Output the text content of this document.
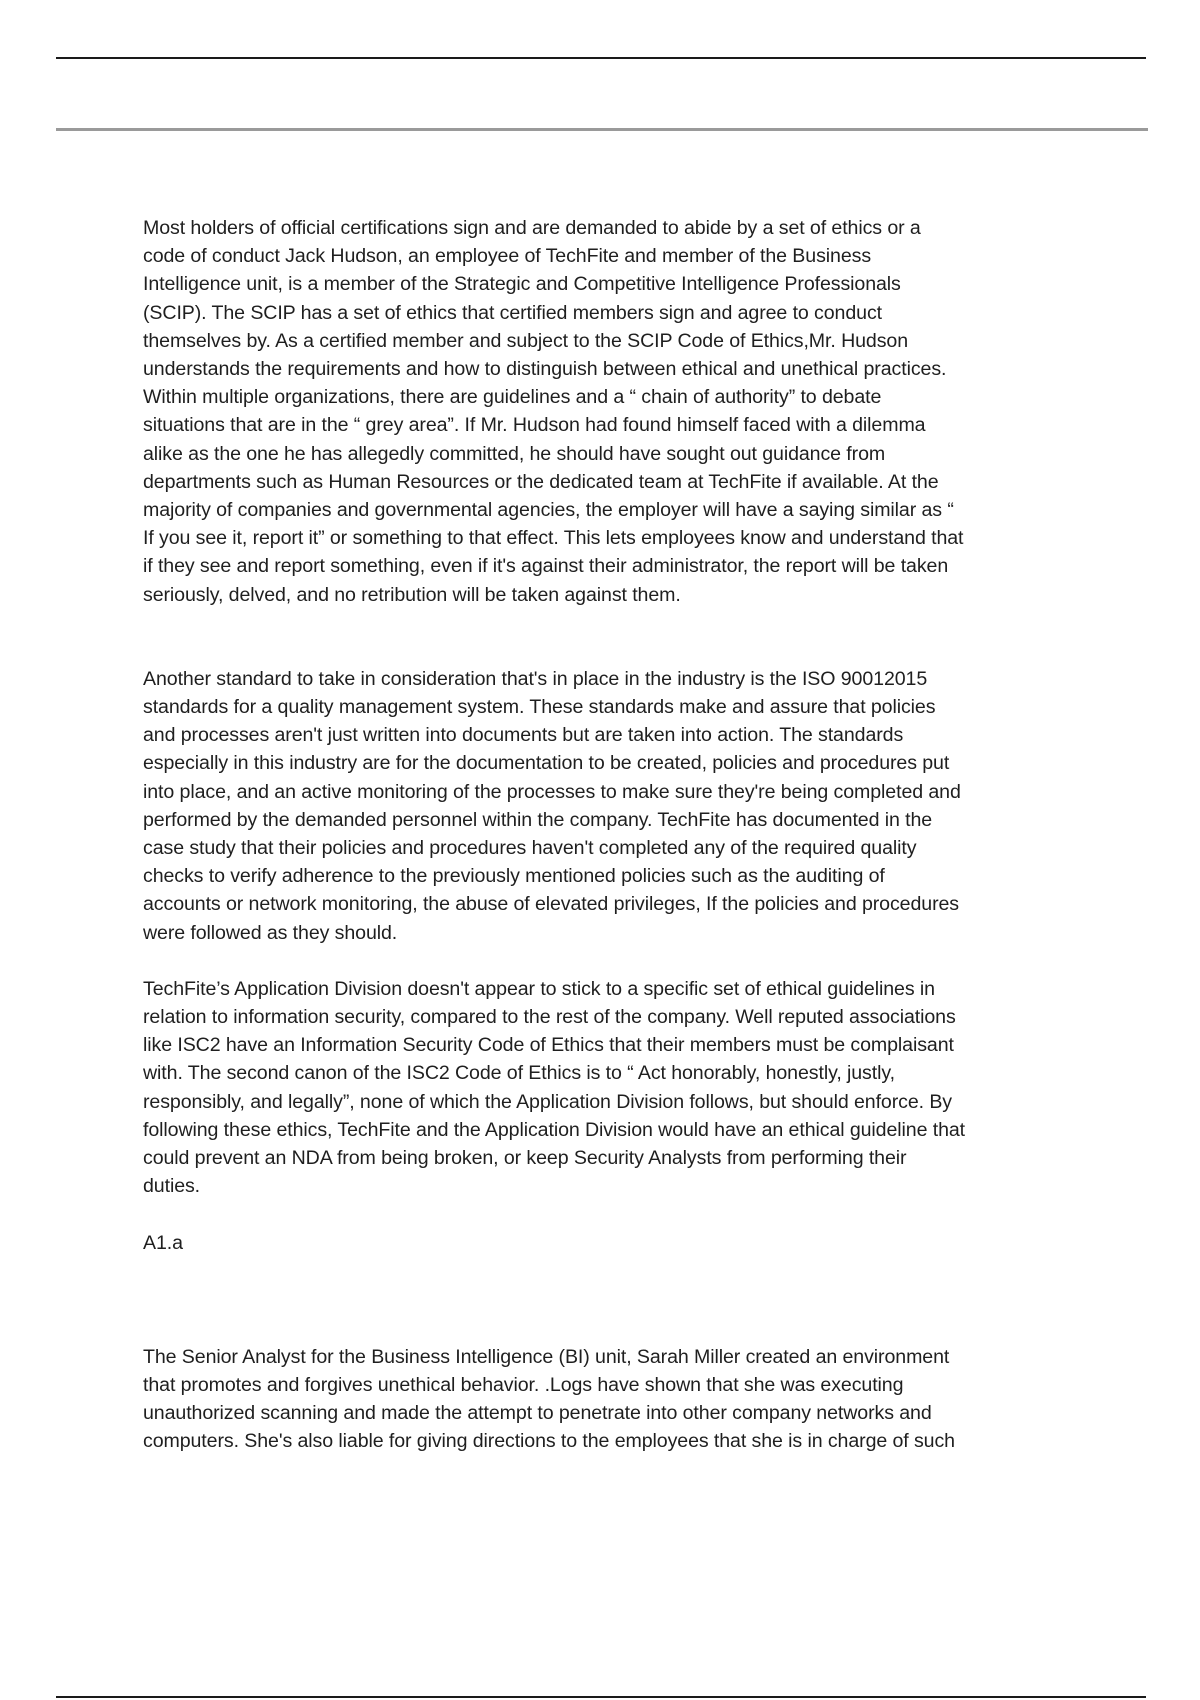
Most holders of official certifications sign and are demanded to abide by a set of ethics or a
code of conduct Jack Hudson, an employee of TechFite and member of the Business
Intelligence unit, is a member of the Strategic and Competitive Intelligence Professionals
(SCIP). The SCIP has a set of ethics that certified members sign and agree to conduct
themselves by. As a certified member and subject to the SCIP Code of Ethics,Mr. Hudson
understands the requirements and how to distinguish between ethical and unethical practices.
Within multiple organizations, there are guidelines and a “ chain of authority” to debate
situations that are in the “ grey area”. If Mr. Hudson had found himself faced with a dilemma
alike as the one he has allegedly committed, he should have sought out guidance from
departments such as Human Resources or the dedicated team at TechFite if available. At the
majority of companies and governmental agencies, the employer will have a saying similar as “
If you see it, report it” or something to that effect. This lets employees know and understand that
if they see and report something, even if it's against their administrator, the report will be taken
seriously, delved, and no retribution will be taken against them.

Another standard to take in consideration that's in place in the industry is the ISO 90012015
standards for a quality management system. These standards make and assure that policies
and processes aren't just written into documents but are taken into action. The standards
especially in this industry are for the documentation to be created, policies and procedures put
into place, and an active monitoring of the processes to make sure they're being completed and
performed by the demanded personnel within the company. TechFite has documented in the
case study that their policies and procedures haven't completed any of the required quality
checks to verify adherence to the previously mentioned policies such as the auditing of
accounts or network monitoring, the abuse of elevated privileges, If the policies and procedures
were followed as they should.

TechFite’s Application Division doesn't appear to stick to a specific set of ethical guidelines in
relation to information security, compared to the rest of the company. Well reputed associations
like ISC2 have an Information Security Code of Ethics that their members must be complaisant
with. The second canon of the ISC2 Code of Ethics is to “ Act honorably, honestly, justly,
responsibly, and legally”, none of which the Application Division follows, but should enforce. By
following these ethics, TechFite and the Application Division would have an ethical guideline that
could prevent an NDA from being broken, or keep Security Analysts from performing their
duties.

A1.a

The Senior Analyst for the Business Intelligence (BI) unit, Sarah Miller created an environment
that promotes and forgives unethical behavior. .Logs have shown that she was executing
unauthorized scanning and made the attempt to penetrate into other company networks and
computers. She's also liable for giving directions to the employees that she is in charge of such
